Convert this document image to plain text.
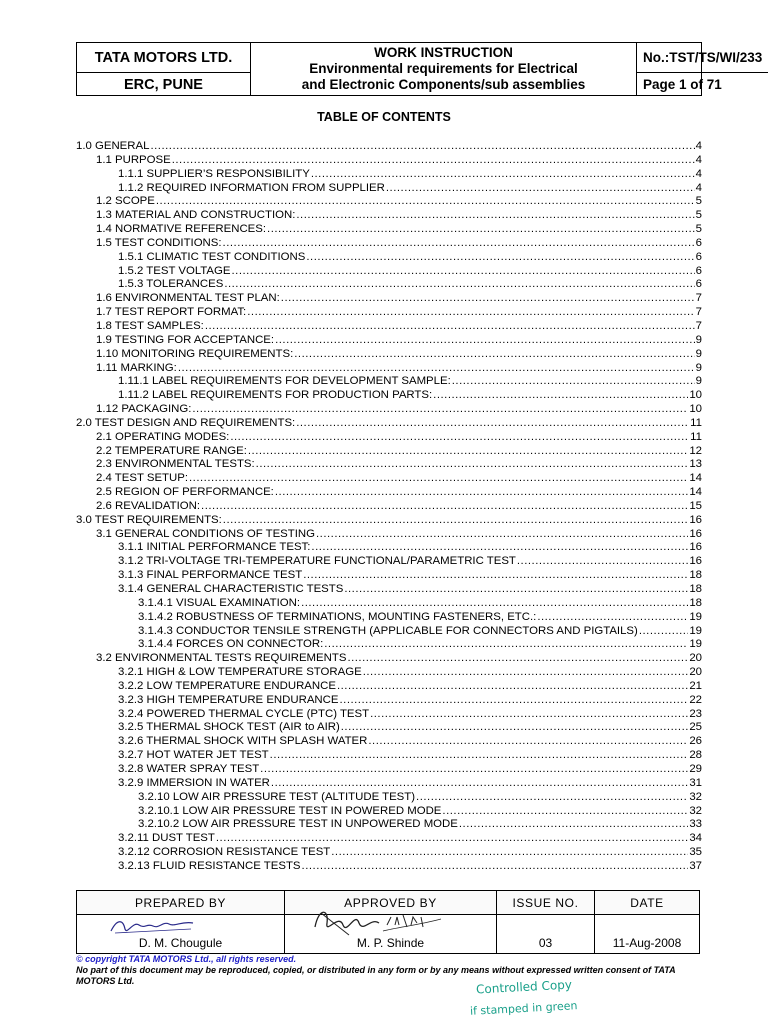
TATA MOTORS LTD.
ERC, PUNE
WORK INSTRUCTION
Environmental requirements for Electrical
and Electronic Components/sub assemblies
No.:TST/TS/WI/233
Page 1 of 71
TABLE OF CONTENTS
1.0 GENERAL .....	4
1.1 PURPOSE .....	4
1.1.1 SUPPLIER’S RESPONSIBILITY .....	4
1.1.2 REQUIRED INFORMATION FROM SUPPLIER .....	4
1.2 SCOPE .....	5
1.3 MATERIAL AND CONSTRUCTION: .....	5
1.4 NORMATIVE REFERENCES: .....	5
1.5 TEST CONDITIONS: .....	6
1.5.1 CLIMATIC TEST CONDITIONS .....	6
1.5.2 TEST VOLTAGE .....	6
1.5.3 TOLERANCES .....	6
1.6 ENVIRONMENTAL TEST PLAN: .....	7
1.7 TEST REPORT FORMAT: .....	7
1.8 TEST SAMPLES: .....	7
1.9 TESTING FOR ACCEPTANCE: .....	9
1.10 MONITORING REQUIREMENTS: .....	9
1.11 MARKING: .....	9
1.11.1 LABEL REQUIREMENTS FOR DEVELOPMENT SAMPLE: .....	9
1.11.2 LABEL REQUIREMENTS FOR PRODUCTION PARTS: .....	10
1.12 PACKAGING: .....	10
2.0 TEST DESIGN AND REQUIREMENTS: .....	11
2.1 OPERATING MODES: .....	11
2.2 TEMPERATURE RANGE: .....	12
2.3 ENVIRONMENTAL TESTS: .....	13
2.4 TEST SETUP: .....	14
2.5 REGION OF PERFORMANCE: .....	14
2.6 REVALIDATION: .....	15
3.0 TEST REQUIREMENTS: .....	16
3.1 GENERAL CONDITIONS OF TESTING .....	16
3.1.1 INITIAL PERFORMANCE TEST: .....	16
3.1.2 TRI-VOLTAGE TRI-TEMPERATURE FUNCTIONAL/PARAMETRIC TEST .....	16
3.1.3 FINAL PERFORMANCE TEST .....	18
3.1.4 GENERAL CHARACTERISTIC TESTS .....	18
3.1.4.1 VISUAL EXAMINATION: .....	18
3.1.4.2 ROBUSTNESS OF TERMINATIONS, MOUNTING FASTENERS, ETC.: .....	19
3.1.4.3 CONDUCTOR TENSILE STRENGTH (APPLICABLE FOR CONNECTORS AND PIGTAILS) .....	19
3.1.4.4 FORCES ON CONNECTOR: .....	19
3.2 ENVIRONMENTAL TESTS REQUIREMENTS .....	20
3.2.1 HIGH & LOW TEMPERATURE STORAGE .....	20
3.2.2 LOW TEMPERATURE ENDURANCE .....	21
3.2.3 HIGH TEMPERATURE ENDURANCE .....	22
3.2.4 POWERED THERMAL CYCLE (PTC) TEST .....	23
3.2.5 THERMAL SHOCK TEST (AIR to AIR) .....	25
3.2.6 THERMAL SHOCK WITH SPLASH WATER .....	26
3.2.7 HOT WATER JET TEST .....	28
3.2.8 WATER SPRAY TEST .....	29
3.2.9 IMMERSION IN WATER .....	31
3.2.10 LOW AIR PRESSURE TEST (ALTITUDE TEST) .....	32
3.2.10.1 LOW AIR PRESSURE TEST IN POWERED MODE .....	32
3.2.10.2 LOW AIR PRESSURE TEST IN UNPOWERED MODE .....	33
3.2.11 DUST TEST .....	34
3.2.12 CORROSION RESISTANCE TEST .....	35
3.2.13 FLUID RESISTANCE TESTS .....	37
PREPARED BY	APPROVED BY	ISSUE NO.	DATE
D. M. Chougule	M. P. Shinde	03	11-Aug-2008
© copyright TATA MOTORS Ltd., all rights reserved.
No part of this document may be reproduced, copied, or distributed in any form or by any means without expressed written consent of TATA MOTORS Ltd.	Controlled Copy
if stamped in green
